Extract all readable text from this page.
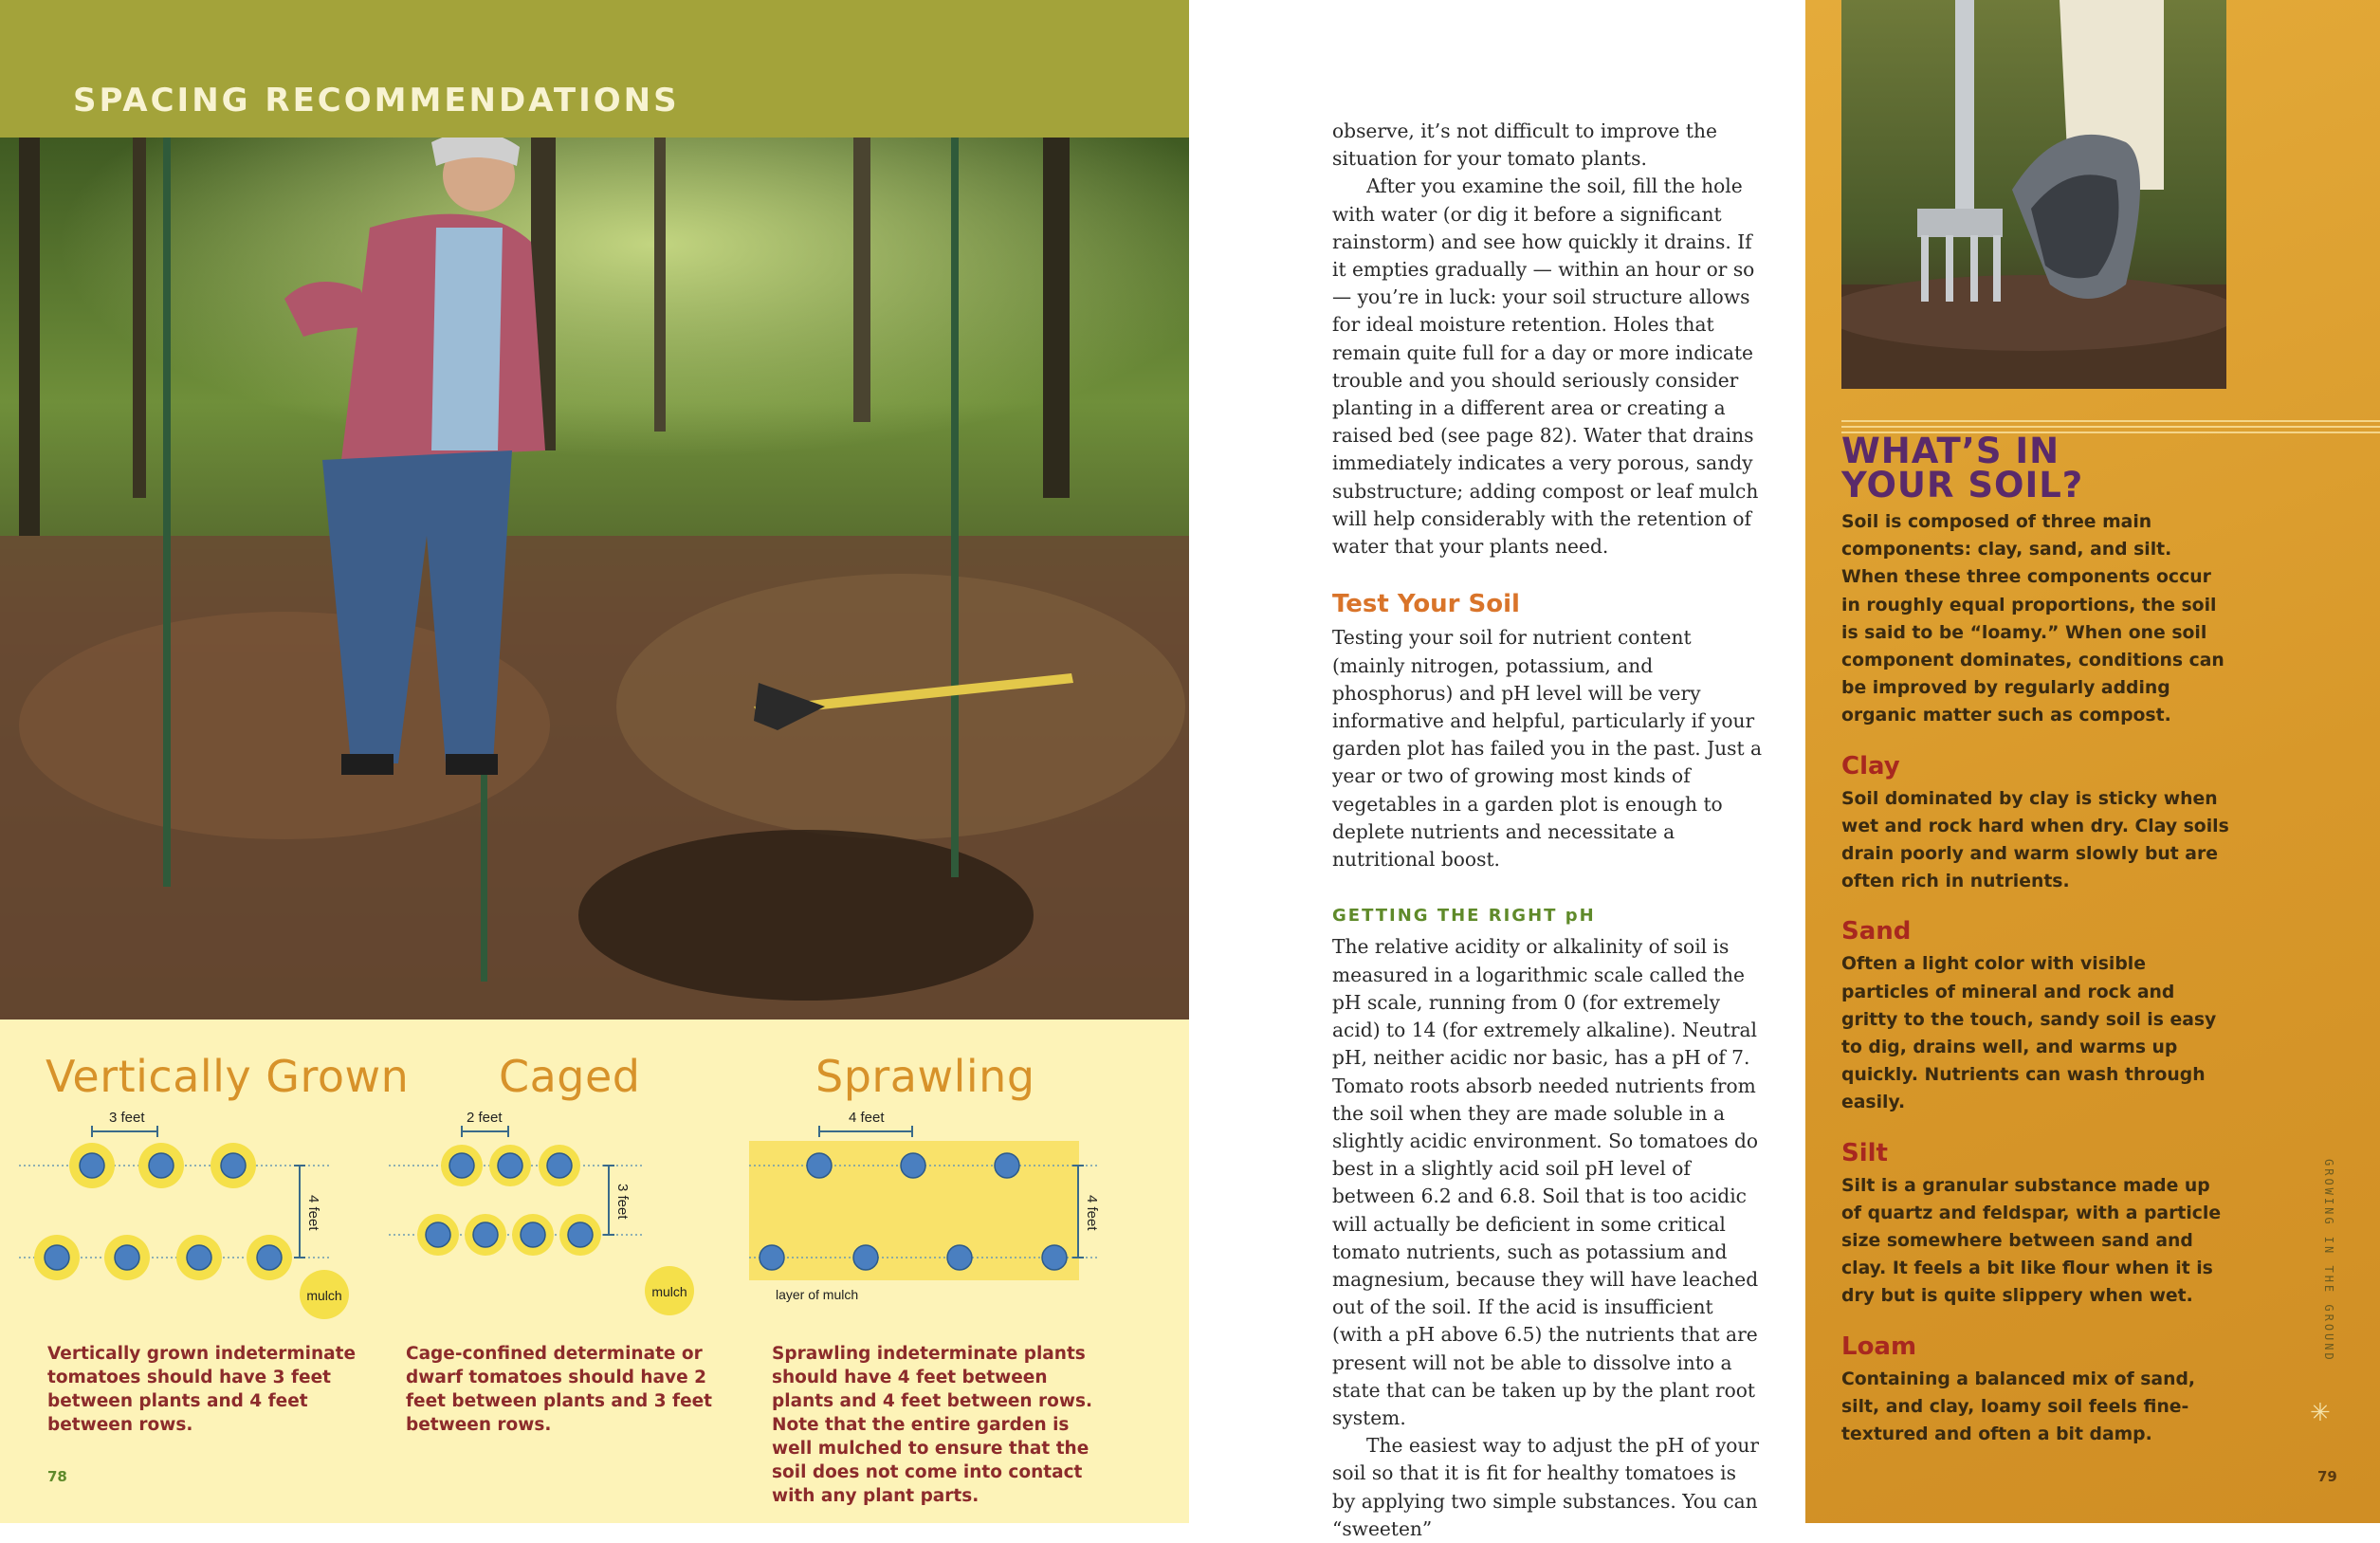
SPACING RECOMMENDATIONS
Vertically Grown
3 feet
4 feet
mulch

Vertically grown indeterminate tomatoes should have 3 feet between plants and 4 feet between rows.

Caged
2 feet
3 feet
mulch

Cage-confined determinate or dwarf tomatoes should have 2 feet between plants and 3 feet between rows.

Sprawling
4 feet
4 feet
layer of mulch

Sprawling indeterminate plants should have 4 feet between plants and 4 feet between rows. Note that the entire garden is well mulched to ensure that the soil does not come into contact with any plant parts.

78

observe, it’s not difficult to improve the situation for your tomato plants.

After you examine the soil, fill the hole with water (or dig it before a significant rainstorm) and see how quickly it drains. If it empties gradually — within an hour or so — you’re in luck: your soil structure allows for ideal moisture retention. Holes that remain quite full for a day or more indicate trouble and you should seriously consider planting in a different area or creating a raised bed (see page 82). Water that drains immediately indicates a very porous, sandy substructure; adding compost or leaf mulch will help considerably with the retention of water that your plants need.

Test Your Soil

Testing your soil for nutrient content (mainly nitrogen, potassium, and phosphorus) and pH level will be very informative and helpful, particularly if your garden plot has failed you in the past. Just a year or two of growing most kinds of vegetables in a garden plot is enough to deplete nutrients and necessitate a nutritional boost.

GETTING THE RIGHT pH

The relative acidity or alkalinity of soil is measured in a logarithmic scale called the pH scale, running from 0 (for extremely acid) to 14 (for extremely alkaline). Neutral pH, neither acidic nor basic, has a pH of 7. Tomato roots absorb needed nutrients from the soil when they are made soluble in a slightly acidic environment. So tomatoes do best in a slightly acid soil pH level of between 6.2 and 6.8. Soil that is too acidic will actually be deficient in some critical tomato nutrients, such as potassium and magnesium, because they will have leached out of the soil. If the acid is insufficient (with a pH above 6.5) the nutrients that are present will not be able to dissolve into a state that can be taken up by the plant root system.

The easiest way to adjust the pH of your soil so that it is fit for healthy tomatoes is by applying two simple substances. You can “sweeten”

WHAT’S IN
YOUR SOIL?

Soil is composed of three main components: clay, sand, and silt. When these three components occur in roughly equal proportions, the soil is said to be “loamy.” When one soil component dominates, conditions can be improved by regularly adding organic matter such as compost.

Clay

Soil dominated by clay is sticky when wet and rock hard when dry. Clay soils drain poorly and warm slowly but are often rich in nutrients.

Sand

Often a light color with visible particles of mineral and rock and gritty to the touch, sandy soil is easy to dig, drains well, and warms up quickly. Nutrients can wash through easily.

Silt

Silt is a granular substance made up of quartz and feldspar, with a particle size somewhere between sand and clay. It feels a bit like flour when it is dry but is quite slippery when wet.

Loam

Containing a balanced mix of sand, silt, and clay, loamy soil feels fine-textured and often a bit damp.

GROWING IN THE GROUND
✳
79
